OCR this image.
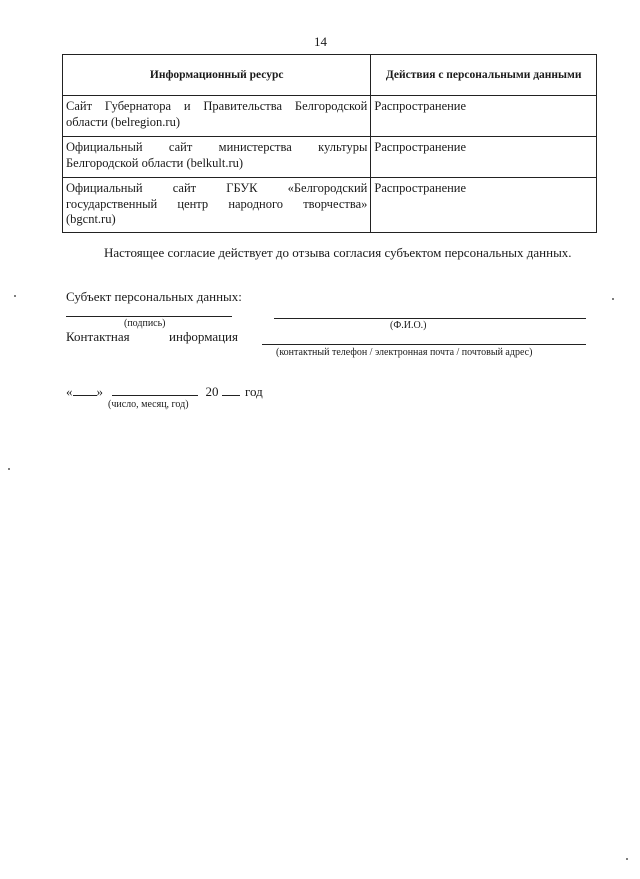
14
Информационный ресурс	Действия с персональными данными
Сайт Губернатора и Правительства Белгородской области (belregion.ru)	Распространение
Официальный сайт министерства культуры Белгородской области (belkult.ru)	Распространение
Официальный сайт ГБУК «Белгородский государственный центр народного творчества» (bgcnt.ru)	Распространение

Настоящее согласие действует до отзыва согласия субъектом персональных данных.

Субъект персональных данных:
(подпись)	(Ф.И.О.)
Контактная	информация
(контактный телефон / электронная почта / почтовый адрес)
« »	20 год
(число, месяц, год)
